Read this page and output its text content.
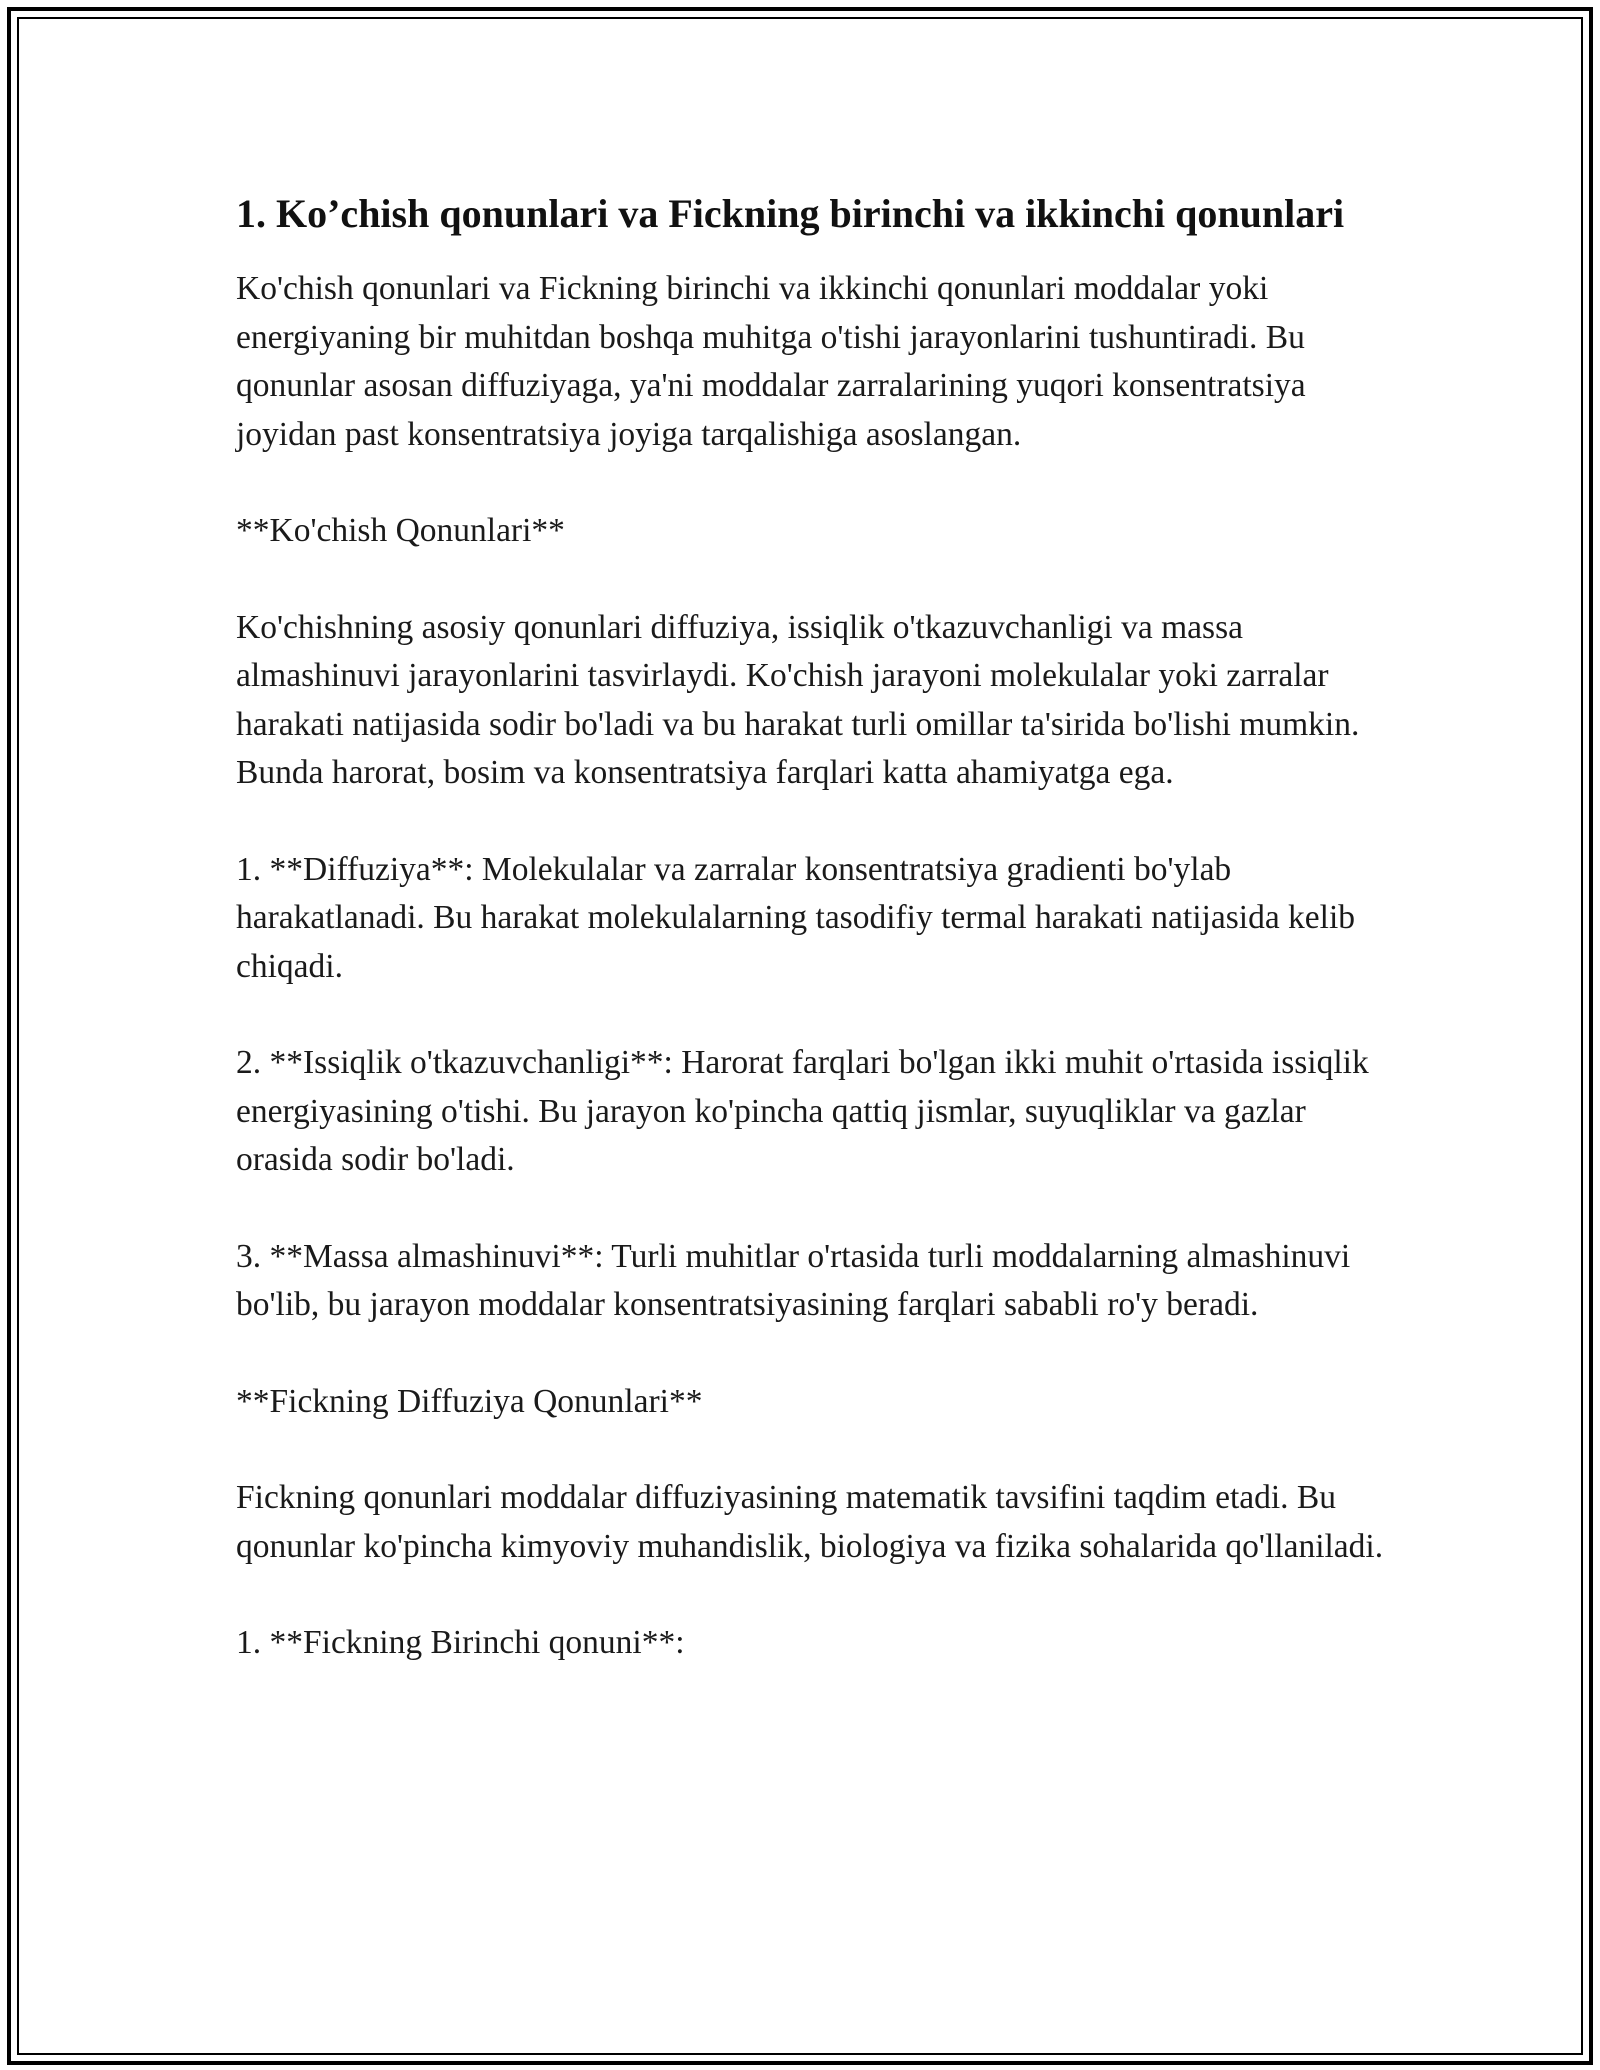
1. Ko’chish qonunlari va Fickning birinchi va ikkinchi qonunlari

Ko'chish qonunlari va Fickning birinchi va ikkinchi qonunlari moddalar yoki energiyaning bir muhitdan boshqa muhitga o'tishi jarayonlarini tushuntiradi. Bu qonunlar asosan diffuziyaga, ya'ni moddalar zarralarining yuqori konsentratsiya joyidan past konsentratsiya joyiga tarqalishiga asoslangan.

**Ko'chish Qonunlari**

Ko'chishning asosiy qonunlari diffuziya, issiqlik o'tkazuvchanligi va massa almashinuvi jarayonlarini tasvirlaydi. Ko'chish jarayoni molekulalar yoki zarralar harakati natijasida sodir bo'ladi va bu harakat turli omillar ta'sirida bo'lishi mumkin. Bunda harorat, bosim va konsentratsiya farqlari katta ahamiyatga ega.

1. **Diffuziya**: Molekulalar va zarralar konsentratsiya gradienti bo'ylab harakatlanadi. Bu harakat molekulalarning tasodifiy termal harakati natijasida kelib chiqadi.

2. **Issiqlik o'tkazuvchanligi**: Harorat farqlari bo'lgan ikki muhit o'rtasida issiqlik energiyasining o'tishi. Bu jarayon ko'pincha qattiq jismlar, suyuqliklar va gazlar orasida sodir bo'ladi.

3. **Massa almashinuvi**: Turli muhitlar o'rtasida turli moddalarning almashinuvi bo'lib, bu jarayon moddalar konsentratsiyasining farqlari sababli ro'y beradi.

**Fickning Diffuziya Qonunlari**

Fickning qonunlari moddalar diffuziyasining matematik tavsifini taqdim etadi. Bu qonunlar ko'pincha kimyoviy muhandislik, biologiya va fizika sohalarida qo'llaniladi.

1. **Fickning Birinchi qonuni**:
